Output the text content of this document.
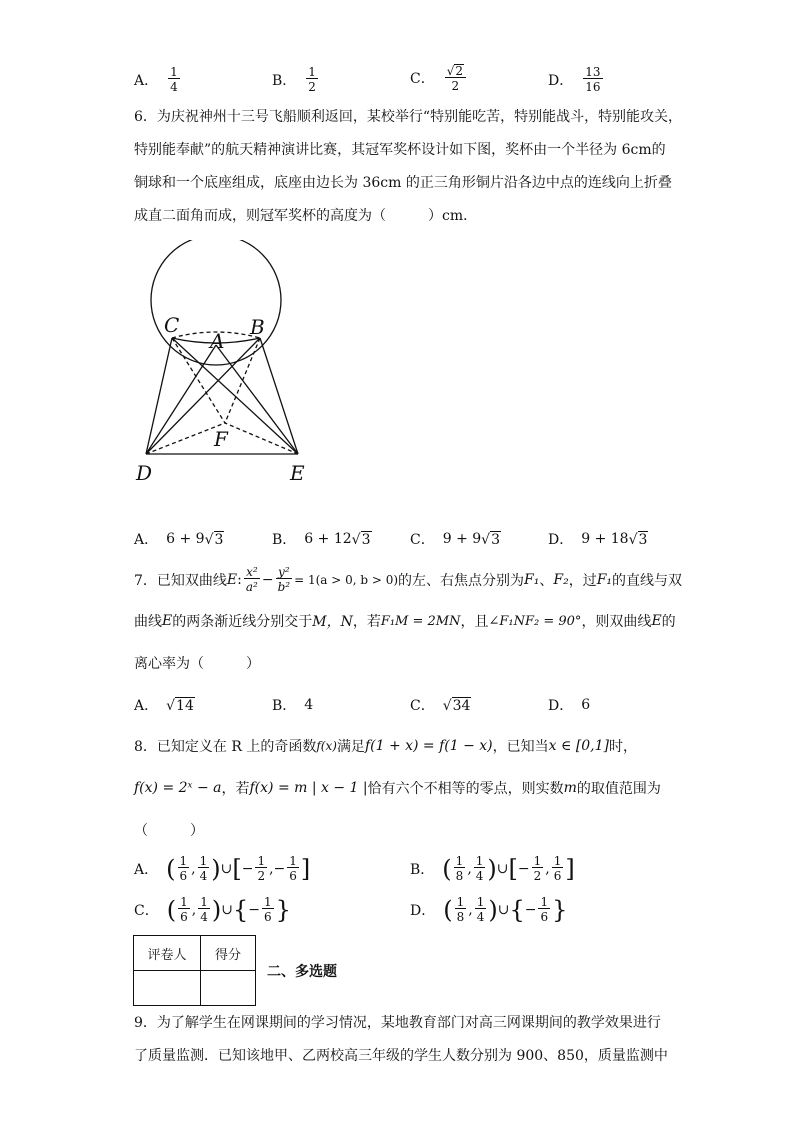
A． $\frac{1}{4}$	B． $\frac{1}{2}$	C． $\frac{√ 2}{2}$	D． $\frac{13}{16}$
6．为庆祝神州十三号飞船顺利返回，某校举行“特别能吃苦，特别能战斗，特别能攻关，
特别能奉献”的航天精神演讲比赛，其冠军奖杯设计如下图，奖杯由一个半径为 6cm的
铜球和一个底座组成，底座由边长为 36cm 的正三角形铜片沿各边中点的连线向上折叠
成直二面角而成，则冠军奖杯的高度为（　　　）cm．
C	B
A
F
D	E
A． 6 + 9 √ 3	B． 6 + 12 √ 3	C． 9 + 9 √ 3	D． 9 + 18 √ 3
7．已知双曲线 E : $\frac{\text{x²}}{\text{a²}} - \frac{\text{y²}}{\text{b²}} = 1(a > 0$, b > 0) 的左、右焦点分别为 F₁ 、 F₂ ，过 F₁ 的直线与双
曲线 E 的两条渐近线分别交于 M，N ，若 F₁M = 2MN ，且 ∠F₁NF₂ = 90° ，则双曲线 E 的
离心率为（　　　）
A． √ 14	B． 4	C． √ 34	D． 6
8．已知定义在 R 上的奇函数 f(x) 满足 f(1 + x) = f(1 − x) ，已知当 x ∈ [0,1] 时，
f(x) = 2ˣ − a ，若 f(x) = m | x − 1 | 恰有六个不相等的零点，则实数 m 的取值范围为
（　　　）
A． ( $\frac{1}{6}$ , $\frac{1}{4}$ ) ∪ [ − $\frac{1}{2}$ , − $\frac{1}{6}$ ]	B． ( $\frac{1}{8}$ , $\frac{1}{4}$ ) ∪ [ − $\frac{1}{2}$ , $\frac{1}{6}$ ]
C． ( $\frac{1}{6}$ , $\frac{1}{4}$ ) ∪ { − $\frac{1}{6}$ }	D． ( $\frac{1}{8}$ , $\frac{1}{4}$ ) ∪ { − $\frac{1}{6}$ }
评卷人	得分

二、多选题
9．为了解学生在网课期间的学习情况，某地教育部门对高三网课期间的教学效果进行
了质量监测．已知该地甲、乙两校高三年级的学生人数分别为 900、850，质量监测中
